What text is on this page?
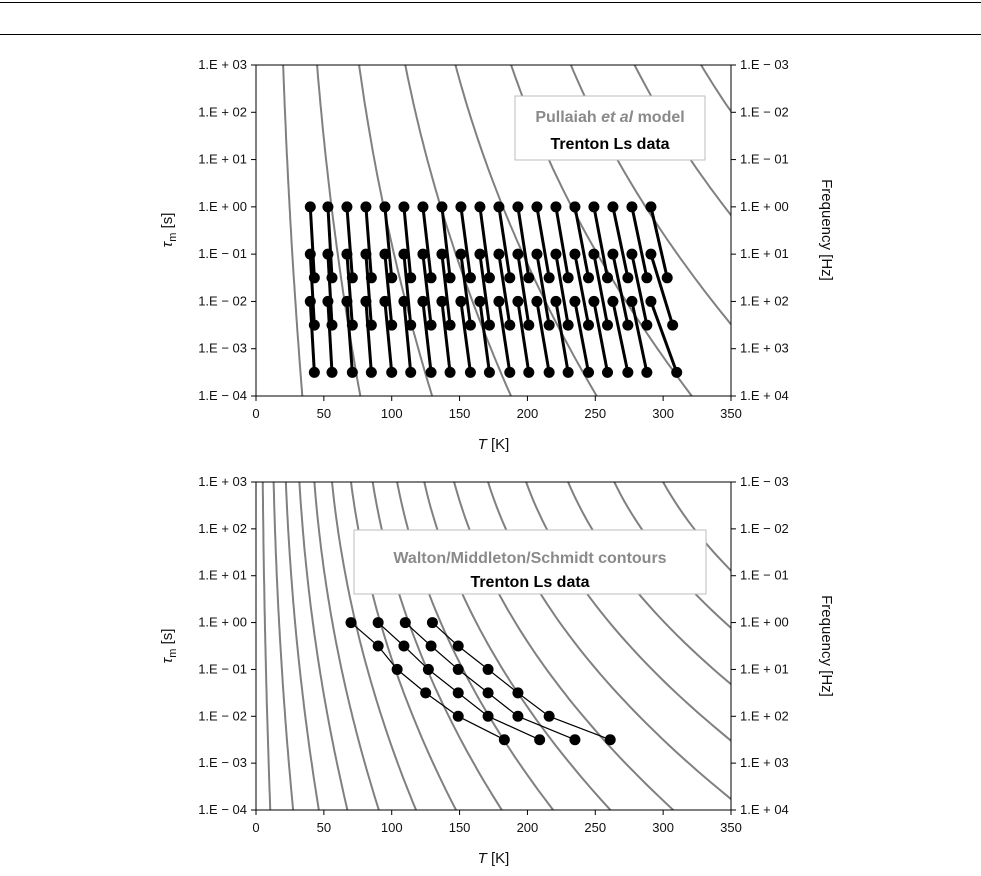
1.E + 03
1.E + 02
1.E + 01
1.E + 00
1.E − 01
1.E − 02
1.E − 03
1.E − 04
1.E − 03
1.E − 02
1.E − 01
1.E + 00
1.E + 01
1.E + 02
1.E + 03
1.E + 04
0	50	100	150	200	250	300	350
T [K]
$\tau_m$ [s]	Frequency [Hz]
Pullaiah et al model
Trenton Ls data
1.E + 03
1.E + 02
1.E + 01
1.E + 00
1.E − 01
1.E − 02
1.E − 03
1.E − 04
1.E − 03
1.E − 02
1.E − 01
1.E + 00
1.E + 01
1.E + 02
1.E + 03
1.E + 04
0	50	100	150	200	250	300	350
T [K]
$\tau_m$ [s]	Frequency [Hz]
Walton/Middleton/Schmidt contours
Trenton Ls data
